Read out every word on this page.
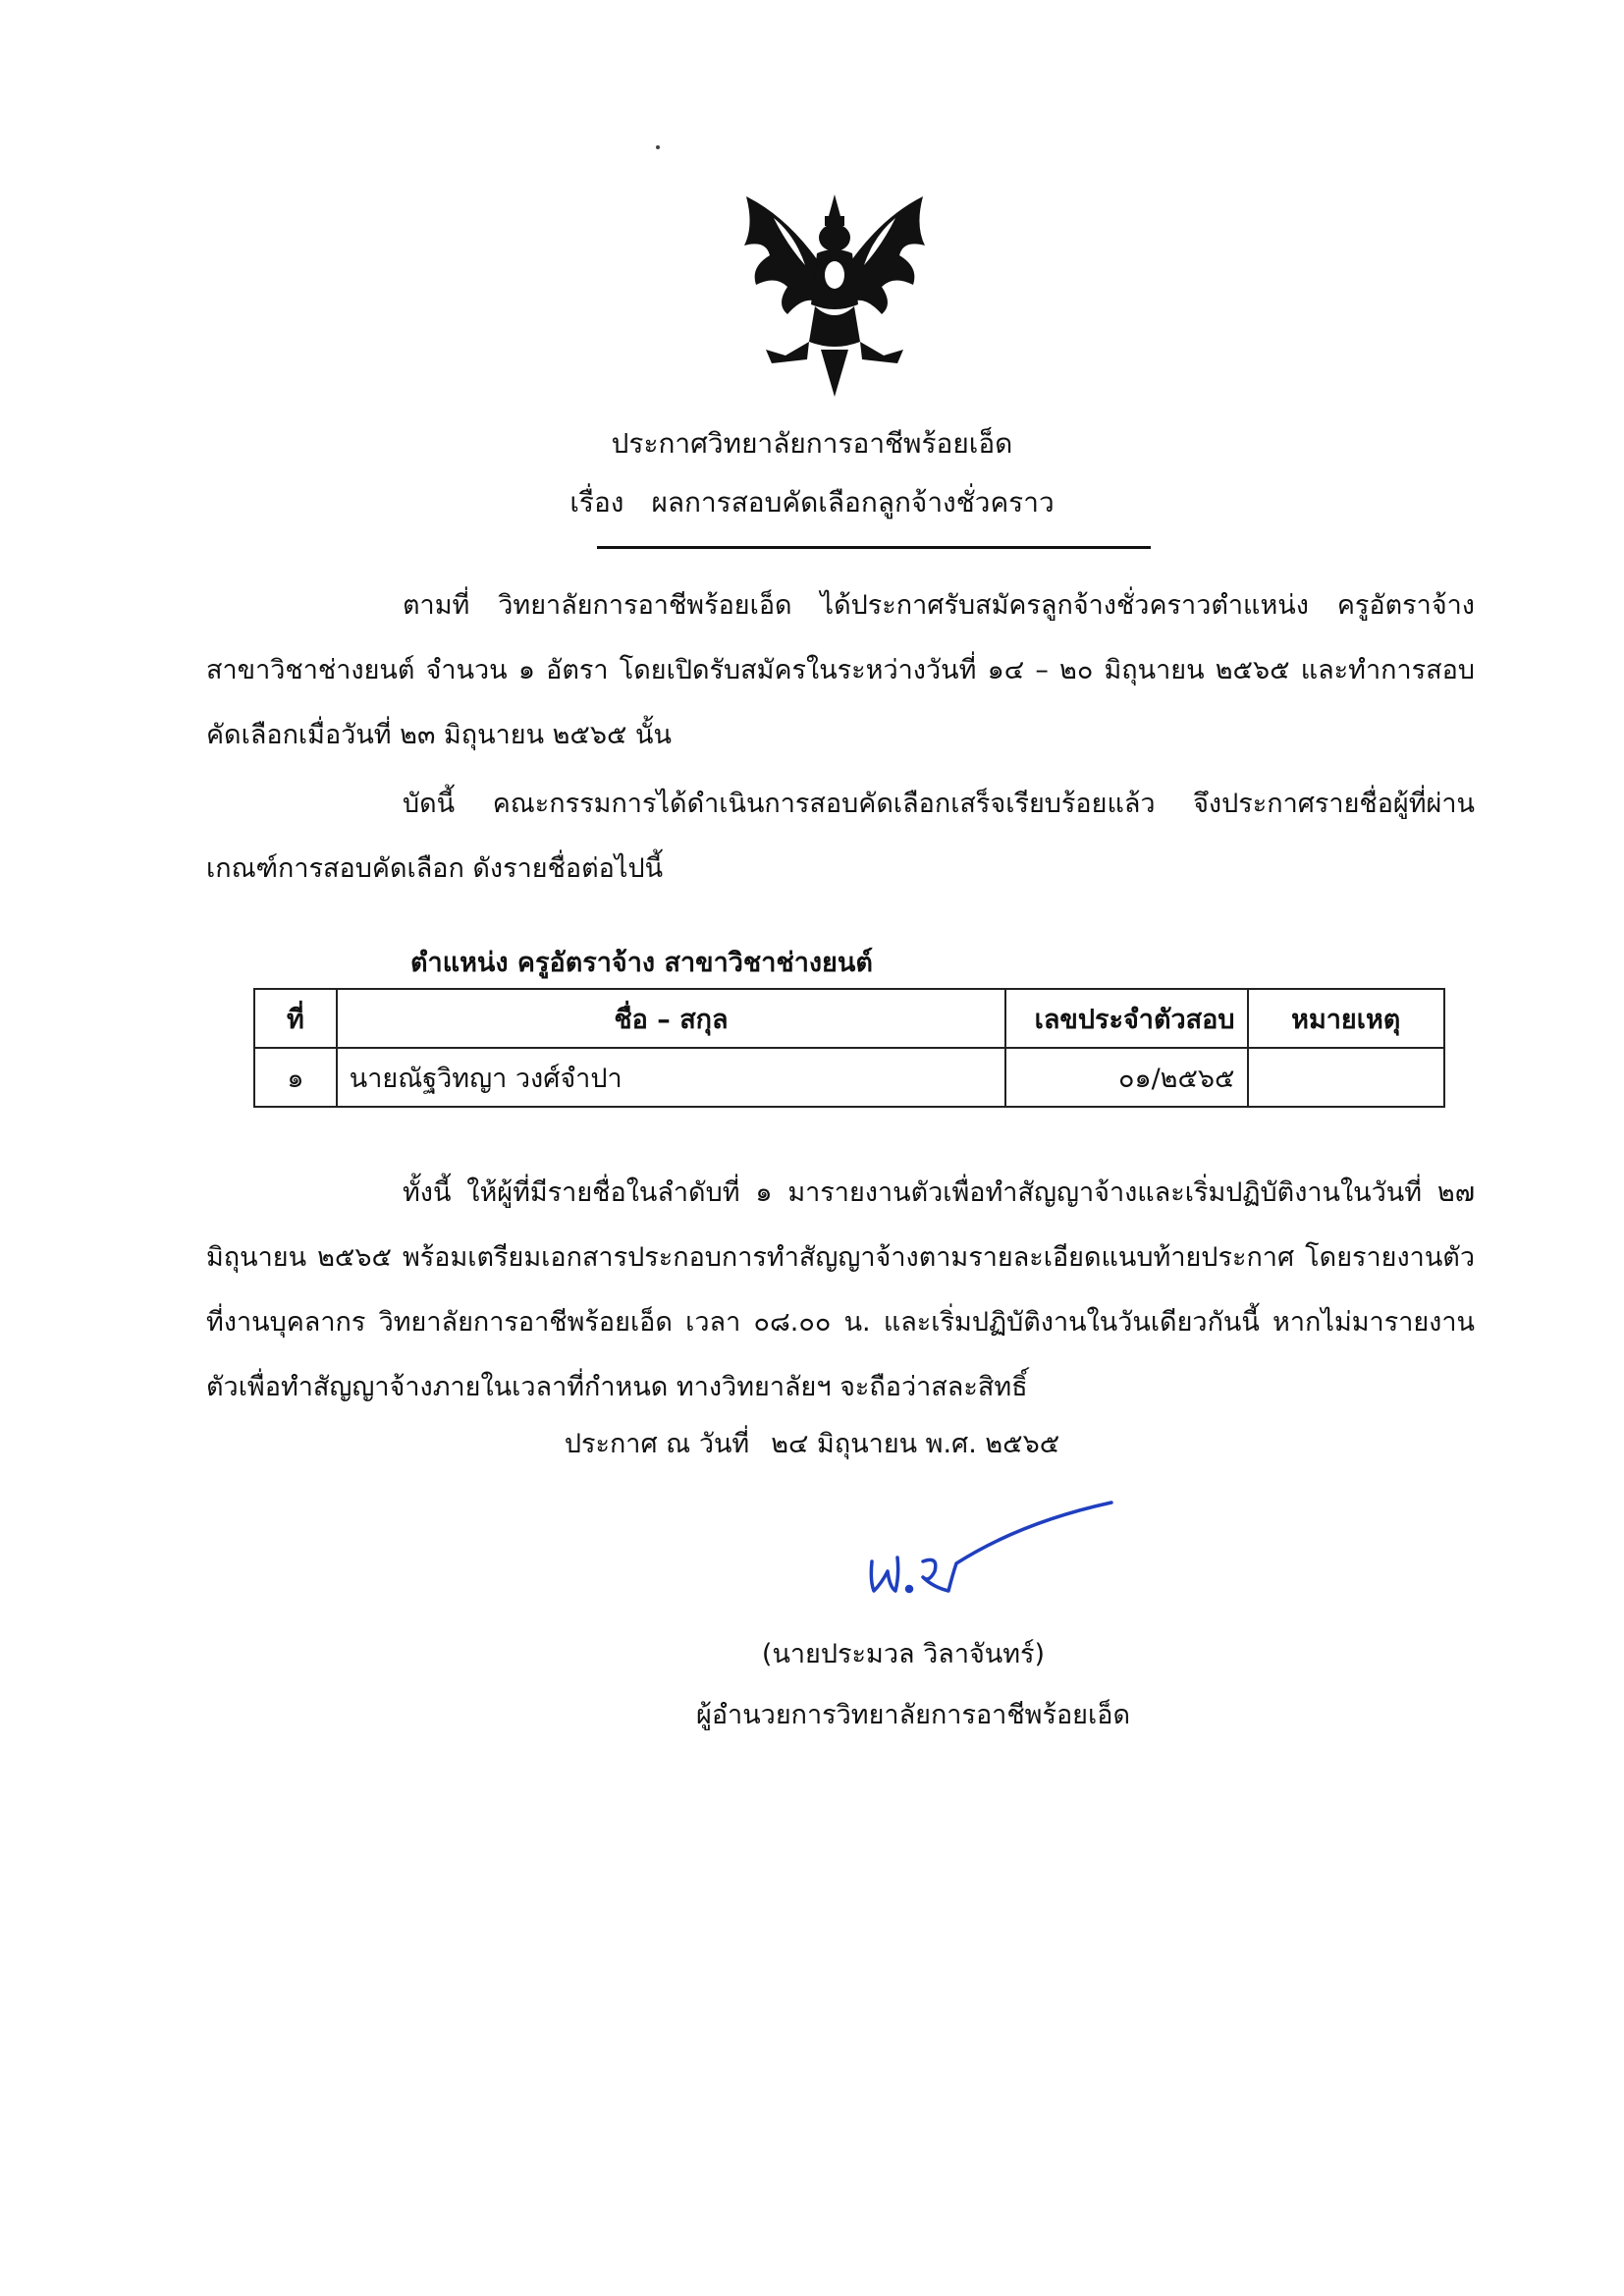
ประกาศวิทยาลัยการอาชีพร้อยเอ็ด
เรื่อง ผลการสอบคัดเลือกลูกจ้างชั่วคราว
ตามที่ วิทยาลัยการอาชีพร้อยเอ็ด ได้ประกาศรับสมัครลูกจ้างชั่วคราวตำแหน่ง ครูอัตราจ้าง สาขาวิชาช่างยนต์ จำนวน ๑ อัตรา โดยเปิดรับสมัครในระหว่างวันที่ ๑๔ – ๒๐ มิถุนายน ๒๕๖๕ และทำการสอบคัดเลือกเมื่อวันที่ ๒๓ มิถุนายน ๒๕๖๕ นั้น
บัดนี้ คณะกรรมการได้ดำเนินการสอบคัดเลือกเสร็จเรียบร้อยแล้ว จึงประกาศรายชื่อผู้ที่ผ่านเกณฑ์การสอบคัดเลือก ดังรายชื่อต่อไปนี้
ตำแหน่ง ครูอัตราจ้าง สาขาวิชาช่างยนต์
ที่	ชื่อ – สกุล	เลขประจำตัวสอบ	หมายเหตุ
๑	นายณัฐวิทญา วงศ์จำปา	๐๑/๒๕๖๕	
ทั้งนี้ ให้ผู้ที่มีรายชื่อในลำดับที่ ๑ มารายงานตัวเพื่อทำสัญญาจ้างและเริ่มปฏิบัติงานในวันที่ ๒๗ มิถุนายน ๒๕๖๕ พร้อมเตรียมเอกสารประกอบการทำสัญญาจ้างตามรายละเอียดแนบท้ายประกาศ โดยรายงานตัวที่งานบุคลากร วิทยาลัยการอาชีพร้อยเอ็ด เวลา ๐๘.๐๐ น. และเริ่มปฏิบัติงานในวันเดียวกันนี้ หากไม่มารายงานตัวเพื่อทำสัญญาจ้างภายในเวลาที่กำหนด ทางวิทยาลัยฯ จะถือว่าสละสิทธิ์
ประกาศ ณ วันที่ ๒๔ มิถุนายน พ.ศ. ๒๕๖๕
(นายประมวล วิลาจันทร์)
ผู้อำนวยการวิทยาลัยการอาชีพร้อยเอ็ด
